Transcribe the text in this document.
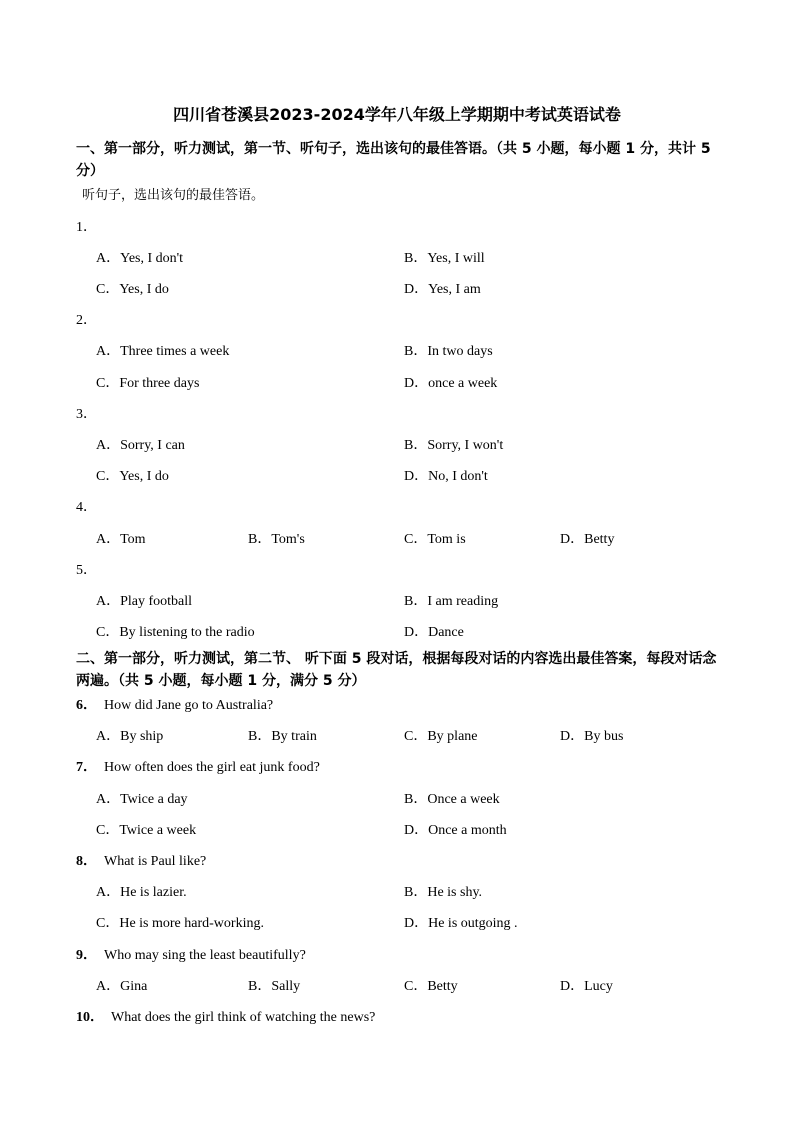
四川省苍溪县2023-2024学年八年级上学期期中考试英语试卷
一、第一部分，听力测试，第一节、听句子，选出该句的最佳答语。（共 5 小题，每小题 1 分，共计 5 分）
听句子，选出该句的最佳答语。
1．
A．Yes, I don't	B．Yes, I will
C．Yes, I do	D．Yes, I am
2．
A．Three times a week	B．In two days
C．For three days	D．once a week
3．
A．Sorry, I can	B．Sorry, I won't
C．Yes, I do	D．No, I don't
4．
A．Tom	B．Tom's	C．Tom is	D．Betty
5．
A．Play football	B．I am reading
C．By listening to the radio	D．Dance
二、第一部分，听力测试，第二节、 听下面 5 段对话，根据每段对话的内容选出最佳答案，每段对话念两遍。（共 5 小题，每小题 1 分，满分 5 分）
6． How did Jane go to Australia?
A．By ship	B．By train	C．By plane	D．By bus
7． How often does the girl eat junk food?
A．Twice a day	B．Once a week
C．Twice a week	D．Once a month
8． What is Paul like?
A．He is lazier.	B．He is shy.
C．He is more hard-working.	D．He is outgoing .
9． Who may sing the least beautifully?
A．Gina	B．Sally	C．Betty	D．Lucy
10． What does the girl think of watching the news?
